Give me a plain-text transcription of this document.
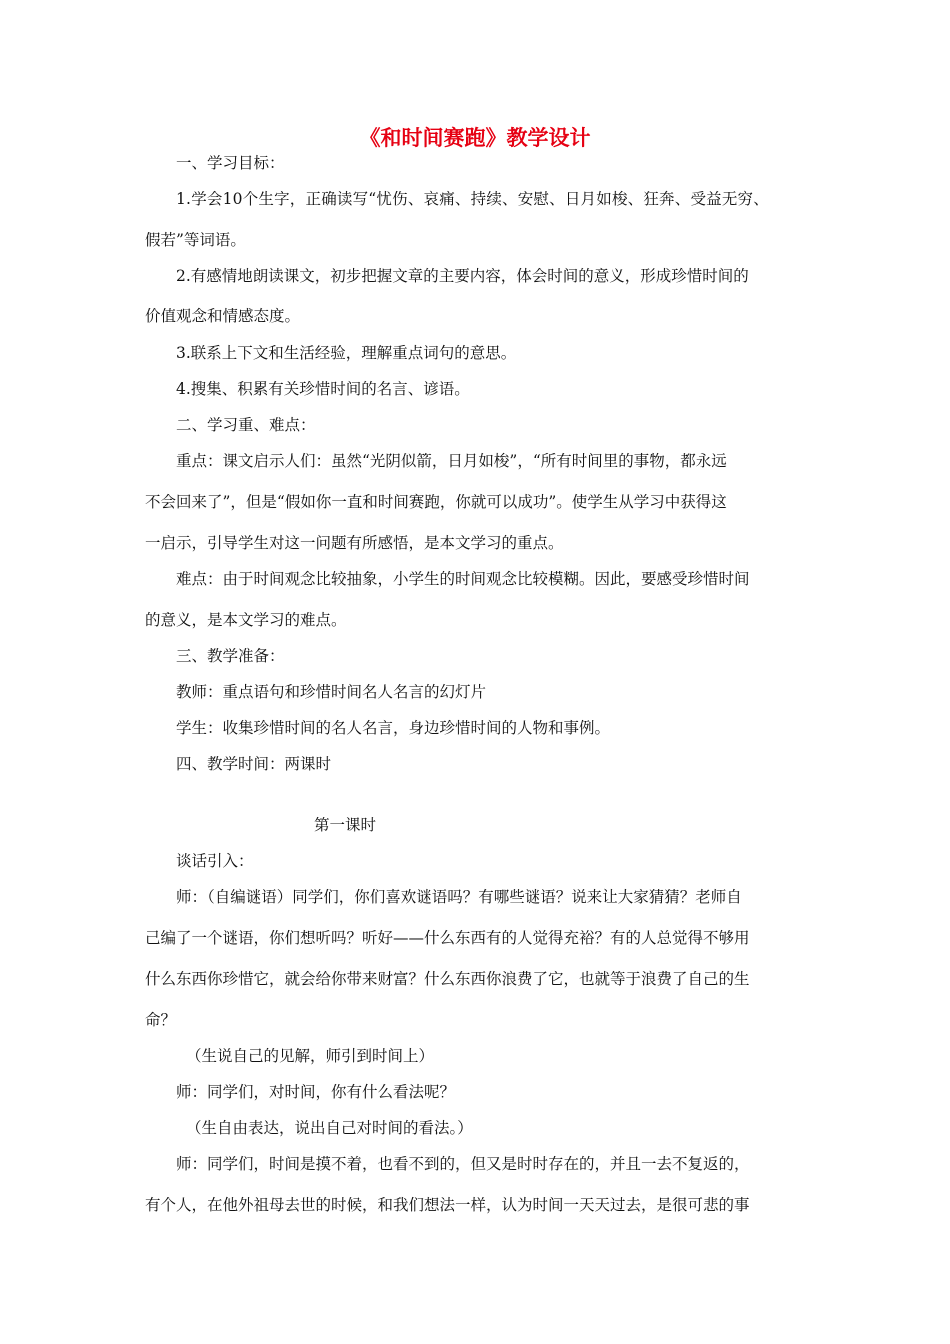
《和时间赛跑》教学设计
一、学习目标：
1.学会10个生字，正确读写“忧伤、哀痛、持续、安慰、日月如梭、狂奔、受益无穷、
假若”等词语。
2.有感情地朗读课文，初步把握文章的主要内容，体会时间的意义，形成珍惜时间的
价值观念和情感态度。
3.联系上下文和生活经验，理解重点词句的意思。
4.搜集、积累有关珍惜时间的名言、谚语。
二、学习重、难点：
重点：课文启示人们：虽然“光阴似箭，日月如梭”，“所有时间里的事物，都永远
不会回来了”，但是“假如你一直和时间赛跑，你就可以成功”。使学生从学习中获得这
一启示，引导学生对这一问题有所感悟，是本文学习的重点。
难点：由于时间观念比较抽象，小学生的时间观念比较模糊。因此，要感受珍惜时间
的意义，是本文学习的难点。
三、教学准备：
教师：重点语句和珍惜时间名人名言的幻灯片
学生：收集珍惜时间的名人名言，身边珍惜时间的人物和事例。
四、教学时间：两课时
第一课时
谈话引入：
师：（自编谜语）同学们，你们喜欢谜语吗？有哪些谜语？说来让大家猜猜？老师自
己编了一个谜语，你们想听吗？听好——什么东西有的人觉得充裕？有的人总觉得不够用
什么东西你珍惜它，就会给你带来财富？什么东西你浪费了它，也就等于浪费了自己的生
命？
（生说自己的见解，师引到时间上）
师：同学们，对时间，你有什么看法呢？
（生自由表达，说出自己对时间的看法。）
师：同学们，时间是摸不着，也看不到的，但又是时时存在的，并且一去不复返的，
有个人，在他外祖母去世的时候，和我们想法一样，认为时间一天天过去，是很可悲的事
